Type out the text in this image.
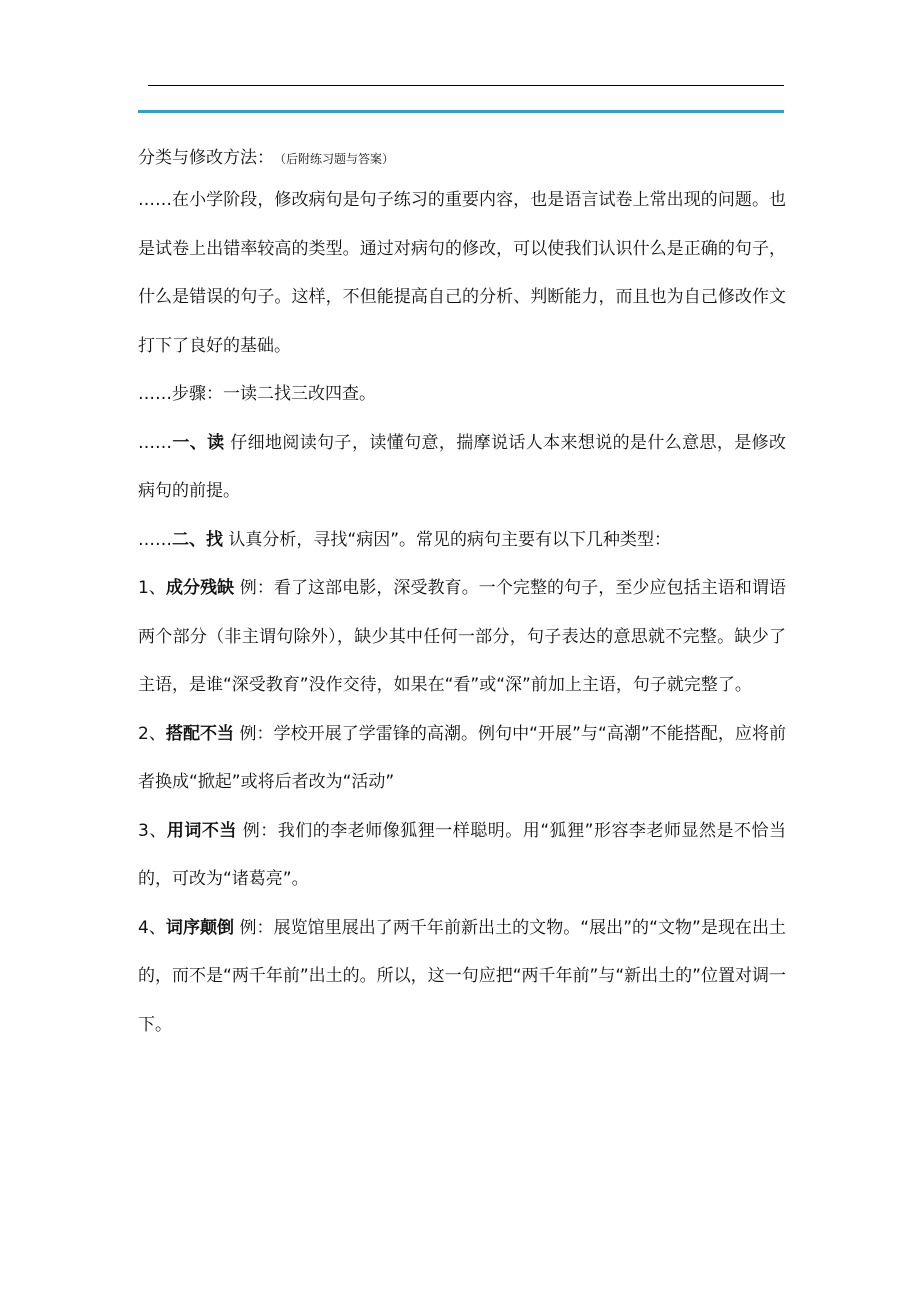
分类与修改方法： （后附练习题与答案）

……在小学阶段，修改病句是句子练习的重要内容，也是语言试卷上常出现的问题。也是试卷上出错率较高的类型。通过对病句的修改，可以使我们认识什么是正确的句子，什么是错误的句子。这样，不但能提高自己的分析、判断能力，而且也为自己修改作文打下了良好的基础。

……步骤：一读二找三改四查。

……一、读 仔细地阅读句子，读懂句意，揣摩说话人本来想说的是什么意思，是修改病句的前提。

……二、找 认真分析，寻找“病因”。常见的病句主要有以下几种类型：

1、成分残缺 例：看了这部电影，深受教育。一个完整的句子，至少应包括主语和谓语两个部分（非主谓句除外），缺少其中任何一部分，句子表达的意思就不完整。缺少了主语，是谁“深受教育”没作交待，如果在“看”或“深”前加上主语，句子就完整了。

2、搭配不当 例：学校开展了学雷锋的高潮。例句中“开展”与“高潮”不能搭配，应将前者换成“掀起”或将后者改为“活动”

3、用词不当 例：我们的李老师像狐狸一样聪明。用“狐狸”形容李老师显然是不恰当的，可改为“诸葛亮”。

4、词序颠倒 例：展览馆里展出了两千年前新出土的文物。“展出”的“文物”是现在出土的，而不是“两千年前”出土的。所以，这一句应把“两千年前”与“新出土的”位置对调一下。
